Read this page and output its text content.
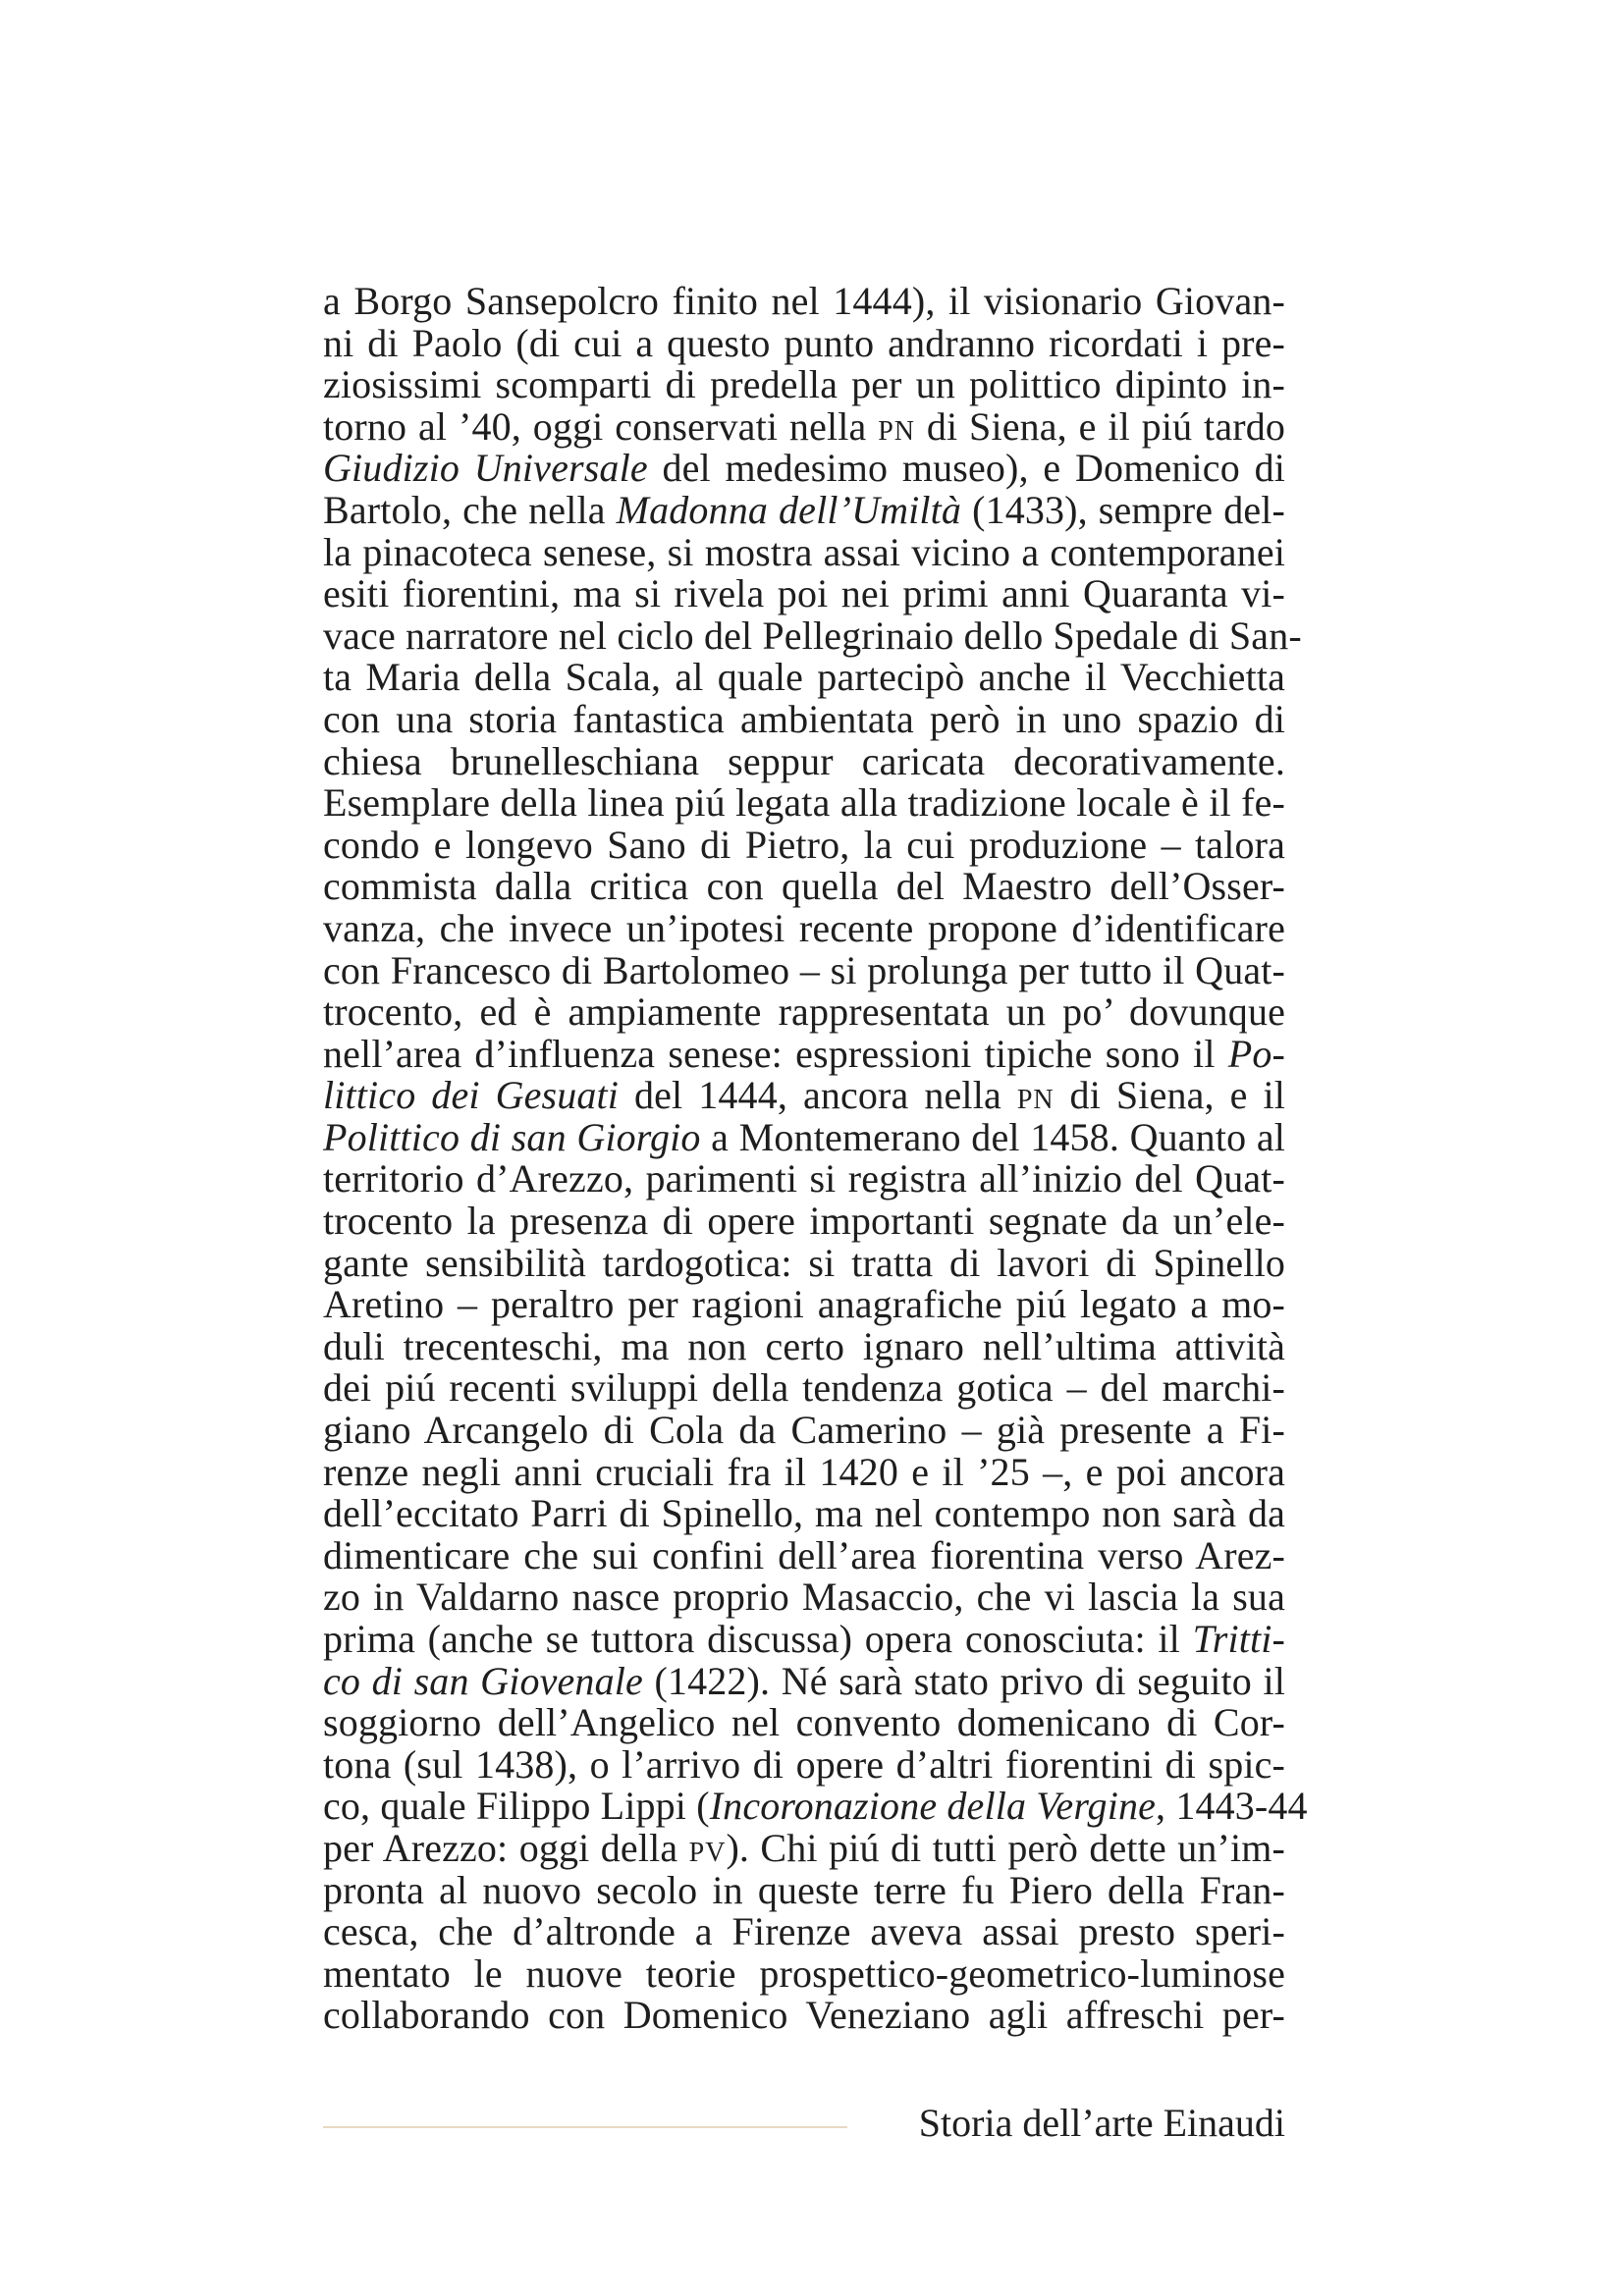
a Borgo Sansepolcro finito nel 1444), il visionario Giovan-
ni di Paolo (di cui a questo punto andranno ricordati i pre-
ziosissimi scomparti di predella per un polittico dipinto in-
torno al ’40, oggi conservati nella pn di Siena, e il piú tardo
Giudizio Universale del medesimo museo), e Domenico di
Bartolo, che nella Madonna dell’Umiltà (1433), sempre del-
la pinacoteca senese, si mostra assai vicino a contemporanei
esiti fiorentini, ma si rivela poi nei primi anni Quaranta vi-
vace narratore nel ciclo del Pellegrinaio dello Spedale di San-
ta Maria della Scala, al quale partecipò anche il Vecchietta
con una storia fantastica ambientata però in uno spazio di
chiesa brunelleschiana seppur caricata decorativamente.
Esemplare della linea piú legata alla tradizione locale è il fe-
condo e longevo Sano di Pietro, la cui produzione – talora
commista dalla critica con quella del Maestro dell’Osser-
vanza, che invece un’ipotesi recente propone d’identificare
con Francesco di Bartolomeo – si prolunga per tutto il Quat-
trocento, ed è ampiamente rappresentata un po’ dovunque
nell’area d’influenza senese: espressioni tipiche sono il Po-
littico dei Gesuati del 1444, ancora nella pn di Siena, e il
Polittico di san Giorgio a Montemerano del 1458. Quanto al
territorio d’Arezzo, parimenti si registra all’inizio del Quat-
trocento la presenza di opere importanti segnate da un’ele-
gante sensibilità tardogotica: si tratta di lavori di Spinello
Aretino – peraltro per ragioni anagrafiche piú legato a mo-
duli trecenteschi, ma non certo ignaro nell’ultima attività
dei piú recenti sviluppi della tendenza gotica – del marchi-
giano Arcangelo di Cola da Camerino – già presente a Fi-
renze negli anni cruciali fra il 1420 e il ’25 –, e poi ancora
dell’eccitato Parri di Spinello, ma nel contempo non sarà da
dimenticare che sui confini dell’area fiorentina verso Arez-
zo in Valdarno nasce proprio Masaccio, che vi lascia la sua
prima (anche se tuttora discussa) opera conosciuta: il Tritti-
co di san Giovenale (1422). Né sarà stato privo di seguito il
soggiorno dell’Angelico nel convento domenicano di Cor-
tona (sul 1438), o l’arrivo di opere d’altri fiorentini di spic-
co, quale Filippo Lippi (Incoronazione della Vergine, 1443-44
per Arezzo: oggi della pv). Chi piú di tutti però dette un’im-
pronta al nuovo secolo in queste terre fu Piero della Fran-
cesca, che d’altronde a Firenze aveva assai presto speri-
mentato le nuove teorie prospettico-geometrico-luminose
collaborando con Domenico Veneziano agli affreschi per-
Storia dell’arte Einaudi
